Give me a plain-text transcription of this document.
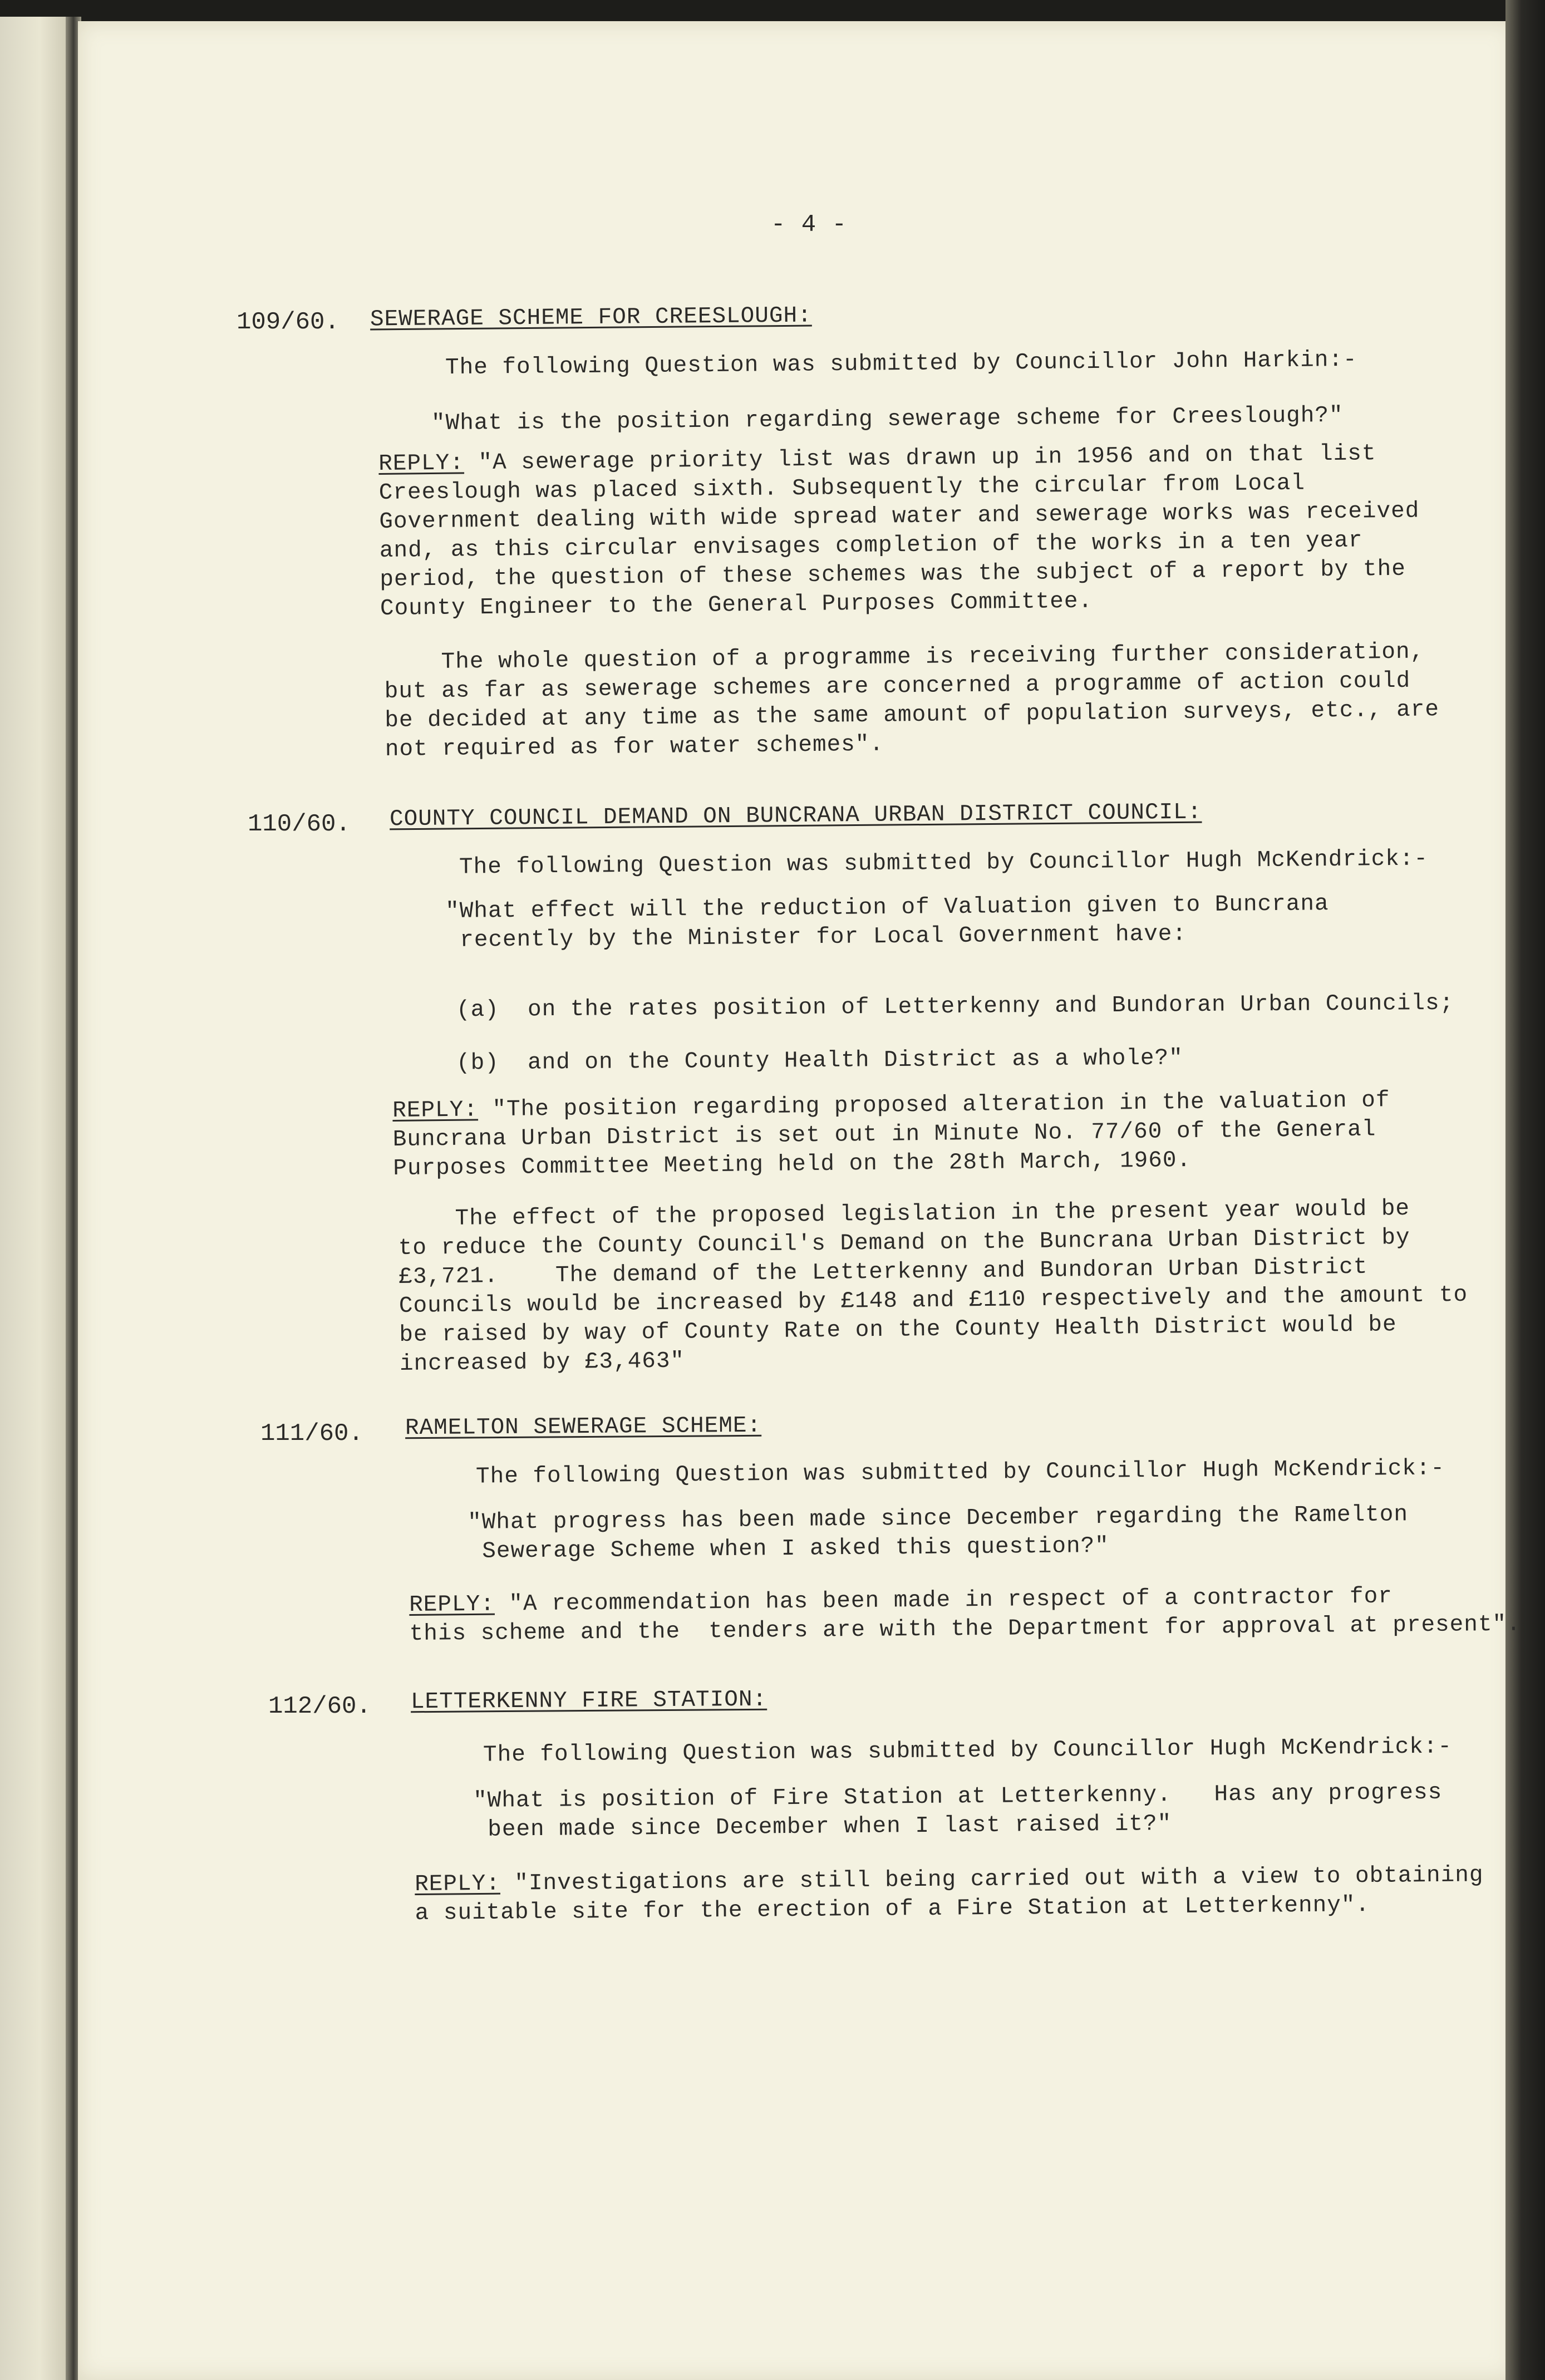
- 4 -
109/60. SEWERAGE SCHEME FOR CREESLOUGH:
The following Question was submitted by Councillor John Harkin:-
"What is the position regarding sewerage scheme for Creeslough?"
REPLY: "A sewerage priority list was drawn up in 1956 and on that list
Creeslough was placed sixth. Subsequently the circular from Local
Government dealing with wide spread water and sewerage works was received
and, as this circular envisages completion of the works in a ten year
period, the question of these schemes was the subject of a report by the
County Engineer to the General Purposes Committee.
The whole question of a programme is receiving further consideration,
but as far as sewerage schemes are concerned a programme of action could
be decided at any time as the same amount of population surveys, etc., are
not required as for water schemes".
110/60. COUNTY COUNCIL DEMAND ON BUNCRANA URBAN DISTRICT COUNCIL:
The following Question was submitted by Councillor Hugh McKendrick:-
"What effect will the reduction of Valuation given to Buncrana
recently by the Minister for Local Government have:
(a)  on the rates position of Letterkenny and Bundoran Urban Councils;
(b)  and on the County Health District as a whole?"
REPLY: "The position regarding proposed alteration in the valuation of
Buncrana Urban District is set out in Minute No. 77/60 of the General
Purposes Committee Meeting held on the 28th March, 1960.
The effect of the proposed legislation in the present year would be
to reduce the County Council's Demand on the Buncrana Urban District by
£3,721.    The demand of the Letterkenny and Bundoran Urban District
Councils would be increased by £148 and £110 respectively and the amount to
be raised by way of County Rate on the County Health District would be
increased by £3,463"
111/60. RAMELTON SEWERAGE SCHEME:
The following Question was submitted by Councillor Hugh McKendrick:-
"What progress has been made since December regarding the Ramelton
Sewerage Scheme when I asked this question?"
REPLY: "A recommendation has been made in respect of a contractor for
this scheme and the  tenders are with the Department for approval at present".
112/60. LETTERKENNY FIRE STATION:
The following Question was submitted by Councillor Hugh McKendrick:-
"What is position of Fire Station at Letterkenny.   Has any progress
been made since December when I last raised it?"
REPLY: "Investigations are still being carried out with a view to obtaining
a suitable site for the erection of a Fire Station at Letterkenny".
